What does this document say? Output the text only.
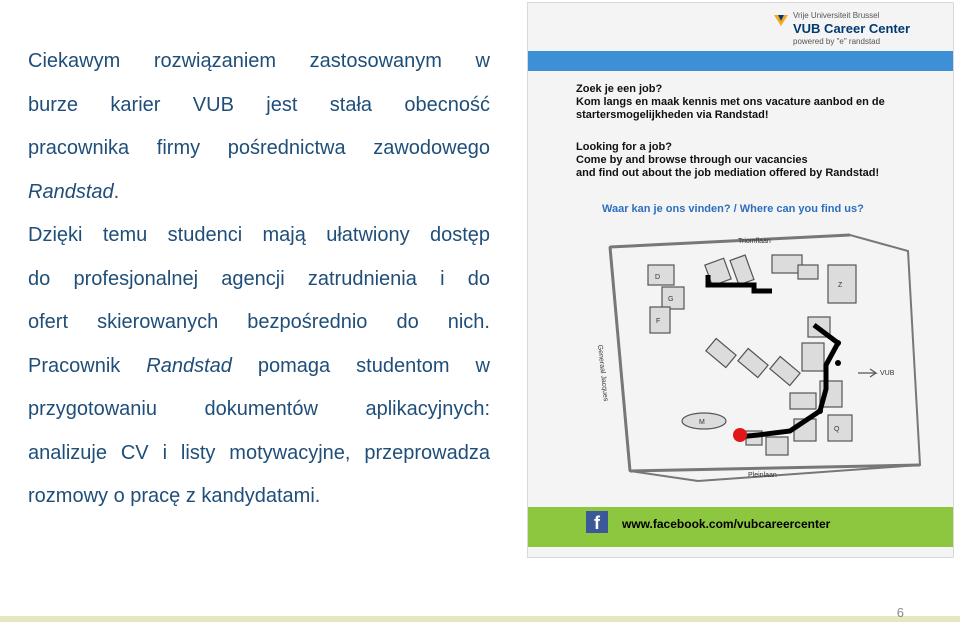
Ciekawym rozwiązaniem zastosowanym w
burze karier VUB jest stała obecność
pracownika firmy pośrednictwa zawodowego
Randstad.
Dzięki temu studenci mają ułatwiony dostęp
do profesjonalnej agencji zatrudnienia i do
ofert skierowanych bezpośrednio do nich.
Pracownik Randstad pomaga studentom w
przygotowaniu dokumentów aplikacyjnych:
analizuje CV i listy motywacyjne, przeprowadza
rozmowy o pracę z kandydatami.
Vrije Universiteit Brussel
VUB Career Center
powered by "e" randstad
Zoek je een job?
Kom langs en maak kennis met ons vacature aanbod en de
startersmogelijkheden via Randstad!
Looking for a job?
Come by and browse through our vacancies
and find out about the job mediation offered by Randstad!
Waar kan je ons vinden? / Where can you find us?
Triomflaan
Generaal Jacques
Pleinlaan
VUB
D
F
G
M
Q
Z
f	www.facebook.com/vubcareercenter
6
